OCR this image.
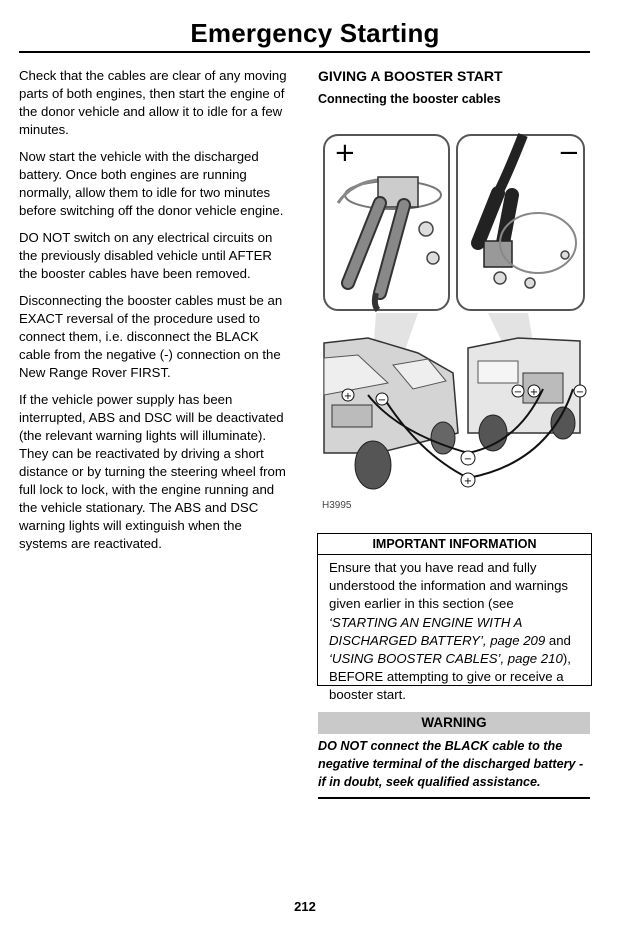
Emergency Starting

Check that the cables are clear of any moving parts of both engines, then start the engine of the donor vehicle and allow it to idle for a few minutes.

Now start the vehicle with the discharged battery. Once both engines are running normally, allow them to idle for two minutes before switching off the donor vehicle engine.

DO NOT switch on any electrical circuits on the previously disabled vehicle until AFTER the booster cables have been removed.

Disconnecting the booster cables must be an EXACT reversal of the procedure used to connect them, i.e. disconnect the BLACK cable from the negative (-) connection on the New Range Rover FIRST.

If the vehicle power supply has been interrupted, ABS and DSC will be deactivated (the relevant warning lights will illuminate). They can be reactivated by driving a short distance or by turning the steering wheel from full lock to lock, with the engine running and the vehicle stationary. The ABS and DSC warning lights will extinguish when the systems are reactivated.

GIVING A BOOSTER START
Connecting the booster cables
+	−
+	−
−
+
− +	−
H3995
IMPORTANT INFORMATION
Ensure that you have read and fully understood the information and warnings given earlier in this section (see ‘STARTING AN ENGINE WITH A DISCHARGED BATTERY’, page 209 and ‘USING BOOSTER CABLES’, page 210), BEFORE attempting to give or receive a booster start.
WARNING
DO NOT connect the BLACK cable to the negative terminal of the discharged battery - if in doubt, seek qualified assistance.
212
